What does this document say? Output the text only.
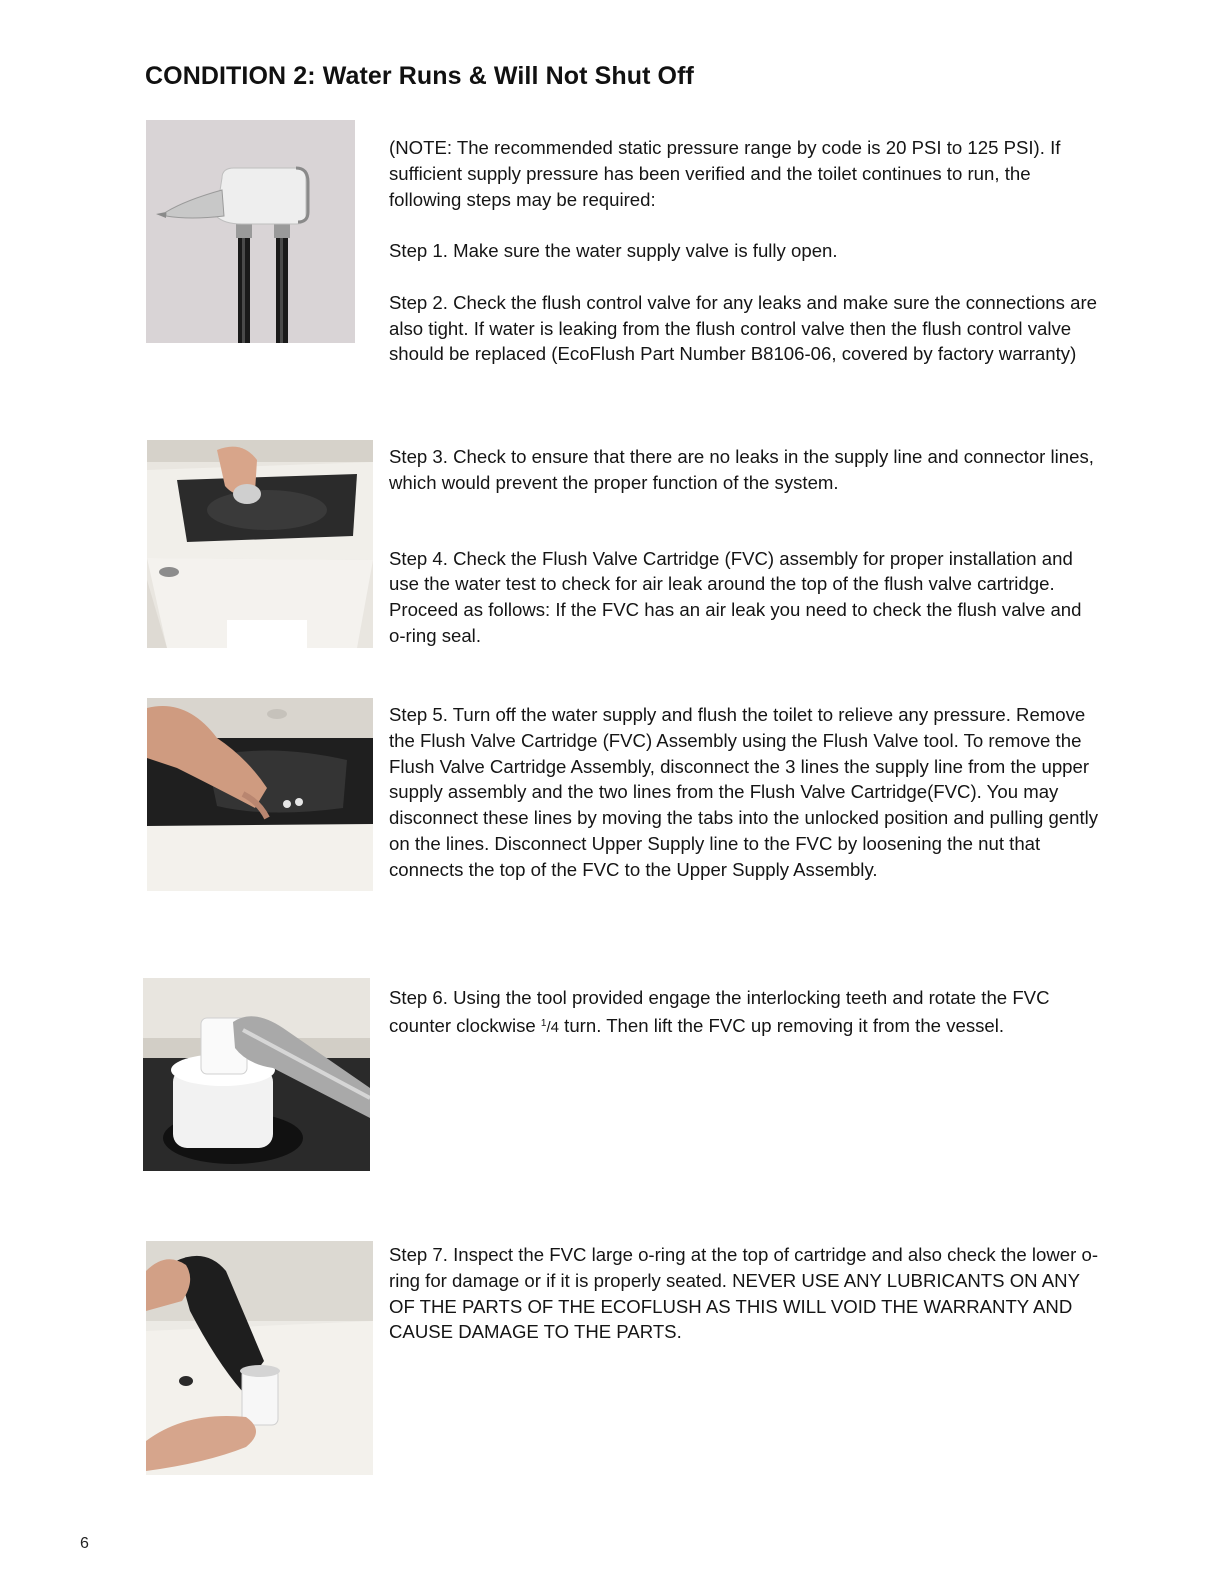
CONDITION 2: Water Runs & Will Not Shut Off

(NOTE: The recommended static pressure range by code is 20 PSI to 125 PSI). If sufficient supply pressure has been verified and the toilet continues to run, the following steps may be required:

Step 1. Make sure the water supply valve is fully open.

Step 2. Check the flush control valve for any leaks and make sure the connections are also tight. If water is leaking from the flush control valve then the flush control valve should be replaced (EcoFlush Part Number B8106-06, covered by factory warranty)

Step 3. Check to ensure that there are no leaks in the supply line and connector lines, which would prevent the proper function of the system.

Step 4. Check the Flush Valve Cartridge (FVC) assembly for proper installation and use the water test to check for air leak around the top of the flush valve cartridge. Proceed as follows: If the FVC has an air leak you need to check the flush valve and o-ring seal.

Step 5. Turn off the water supply and flush the toilet to relieve any pressure. Remove the Flush Valve Cartridge (FVC) Assembly using the Flush Valve tool. To remove the Flush Valve Cartridge Assembly, disconnect the 3 lines the supply line from the upper supply assembly and the two lines from the Flush Valve Cartridge(FVC). You may disconnect these lines by moving the tabs into the unlocked position and pulling gently on the lines. Disconnect Upper Supply line to the FVC by loosening the nut that connects the top of the FVC to the Upper Supply Assembly.

Step 6. Using the tool provided engage the interlocking teeth and rotate the FVC counter clockwise $^1$/4 turn. Then lift the FVC up removing it from the vessel.

Step 7. Inspect the FVC large o-ring at the top of cartridge and also check the lower o-ring for damage or if it is properly seated. NEVER USE ANY LUBRICANTS ON ANY OF THE PARTS OF THE ECOFLUSH AS THIS WILL VOID THE WARRANTY AND CAUSE DAMAGE TO THE PARTS.

6
